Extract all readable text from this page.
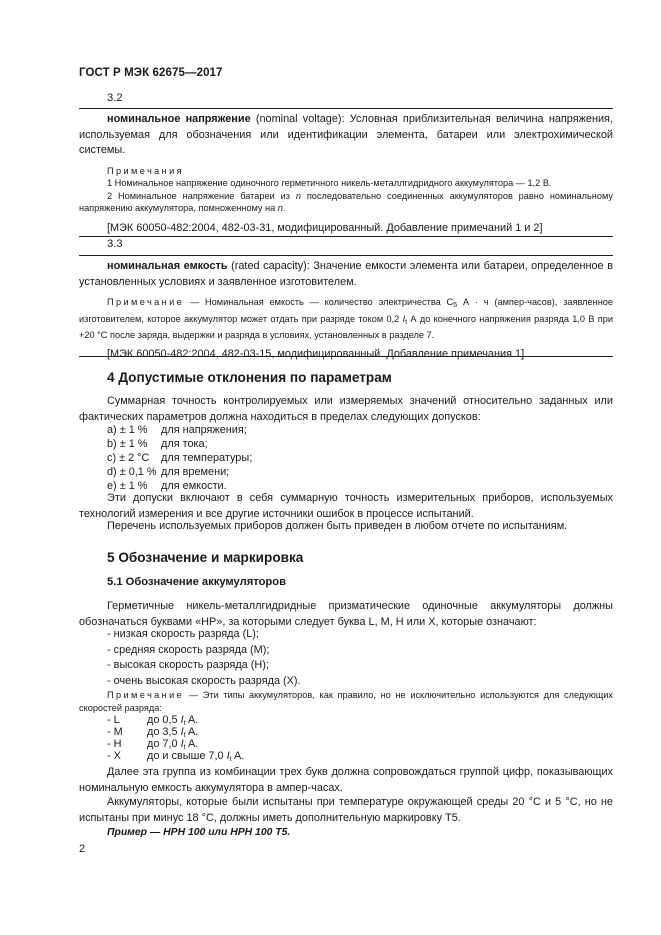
ГОСТ Р МЭК 62675—2017
3.2
номинальное напряжение (nominal voltage): Условная приблизительная величина напряжения, используемая для обозначения или идентификации элемента, батареи или электрохимической системы.
Примечания
1 Номинальное напряжение одиночного герметичного никель-металлгидридного аккумулятора — 1,2 В.
2 Номинальное напряжение батареи из n последовательно соединенных аккумуляторов равно номинальному напряжению аккумулятора, помноженному на n.
[МЭК 60050-482:2004, 482-03-31, модифицированный. Добавление примечаний 1 и 2]
3.3
номинальная емкость (rated capacity): Значение емкости элемента или батареи, определенное в установленных условиях и заявленное изготовителем.
Примечание — Номинальная емкость — количество электричества $C_5$ А · ч (ампер-часов), заявленное изготовителем, которое аккумулятор может отдать при разряде током 0,2 $I_t$ А до конечного напряжения разряда 1,0 В при +20 °С после заряда, выдержки и разряда в условиях, установленных в разделе 7.
[МЭК 60050-482:2004, 482-03-15, модифицированный. Добавление примечания 1]
4 Допустимые отклонения по параметрам
Суммарная точность контролируемых или измеряемых значений относительно заданных или фактических параметров должна находиться в пределах следующих допусков:
а) ± 1 % для напряжения;
b) ± 1 % для тока;
c) ± 2 °C для температуры;
d) ± 0,1 % для времени;
e) ± 1 % для емкости.
Эти допуски включают в себя суммарную точность измерительных приборов, используемых технологий измерения и все другие источники ошибок в процессе испытаний.
Перечень используемых приборов должен быть приведен в любом отчете по испытаниям.
5 Обозначение и маркировка
5.1 Обозначение аккумуляторов
Герметичные никель-металлгидридные призматические одиночные аккумуляторы должны обозначаться буквами «HP», за которыми следует буква L, M, H или X, которые означают:
- низкая скорость разряда (L);
- средняя скорость разряда (M);
- высокая скорость разряда (H);
- очень высокая скорость разряда (X).
Примечание — Эти типы аккумуляторов, как правило, но не исключительно используются для следующих скоростей разряда:
- L	до 0,5 $I_t$ A.
- M до 3,5 $I_t$ A.
- H до 7,0 $I_t$ A.
- X до и свыше 7,0 $I_t$ A.
Далее эта группа из комбинации трех букв должна сопровождаться группой цифр, показывающих номинальную емкость аккумулятора в ампер-часах.
Аккумуляторы, которые были испытаны при температуре окружающей среды 20 °С и 5 °С, но не испытаны при минус 18 °С, должны иметь дополнительную маркировку T5.
Пример — HPH 100 или HPH 100 T5.
2
